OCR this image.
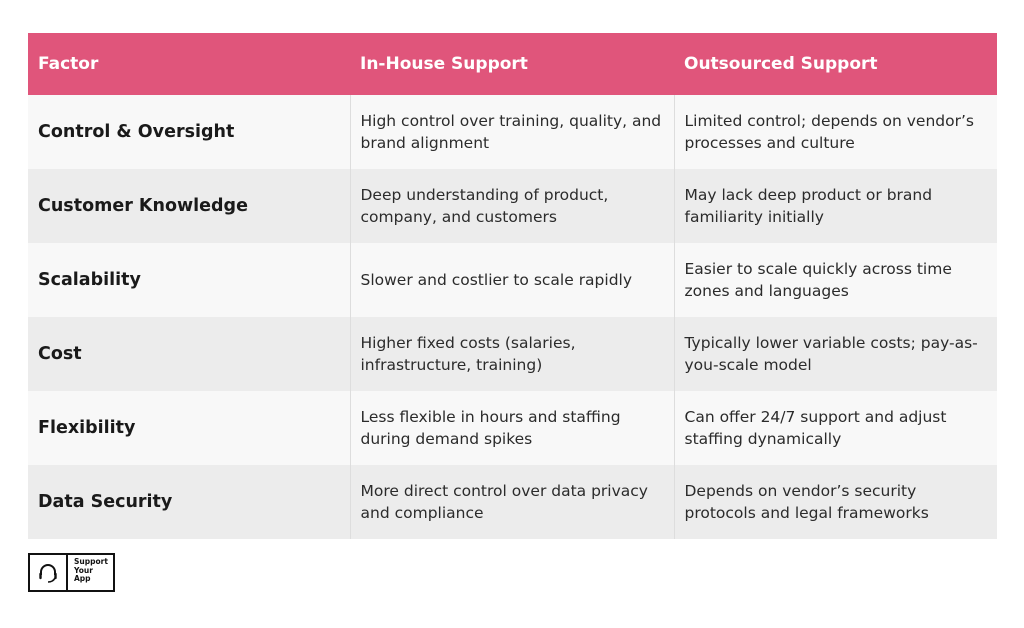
Factor	In-House Support	Outsourced Support
Control & Oversight	High control over training, quality, and brand alignment	Limited control; depends on vendor’s processes and culture
Customer Knowledge	Deep understanding of product, company, and customers	May lack deep product or brand familiarity initially
Scalability	Slower and costlier to scale rapidly	Easier to scale quickly across time zones and languages
Cost	Higher fixed costs (salaries, infrastructure, training)	Typically lower variable costs; pay-as-you-scale model
Flexibility	Less flexible in hours and staffing during demand spikes	Can offer 24/7 support and adjust staffing dynamically
Data Security	More direct control over data privacy and compliance	Depends on vendor’s security protocols and legal frameworks
Support
Your
App
